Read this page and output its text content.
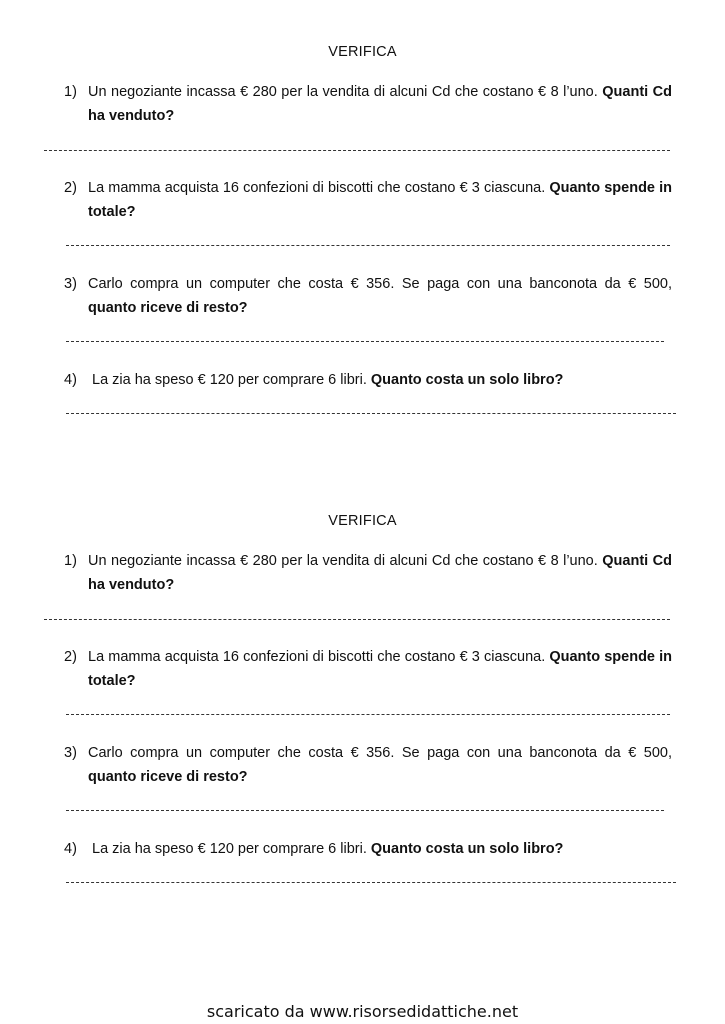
VERIFICA
1) Un negoziante incassa € 280 per la vendita di alcuni Cd che costano € 8 l’uno. Quanti Cd ha venduto?
2) La mamma acquista 16 confezioni di biscotti che costano € 3 ciascuna. Quanto spende in totale?
3) Carlo compra un computer che costa € 356. Se paga con una banconota da € 500, quanto riceve di resto?
4)	La zia ha speso € 120 per comprare 6 libri. Quanto costa un solo libro?
VERIFICA
1) Un negoziante incassa € 280 per la vendita di alcuni Cd che costano € 8 l’uno. Quanti Cd ha venduto?
2) La mamma acquista 16 confezioni di biscotti che costano € 3 ciascuna. Quanto spende in totale?
3) Carlo compra un computer che costa € 356. Se paga con una banconota da € 500, quanto riceve di resto?
4)	La zia ha speso € 120 per comprare 6 libri. Quanto costa un solo libro?
scaricato da www.risorsedidattiche.net
